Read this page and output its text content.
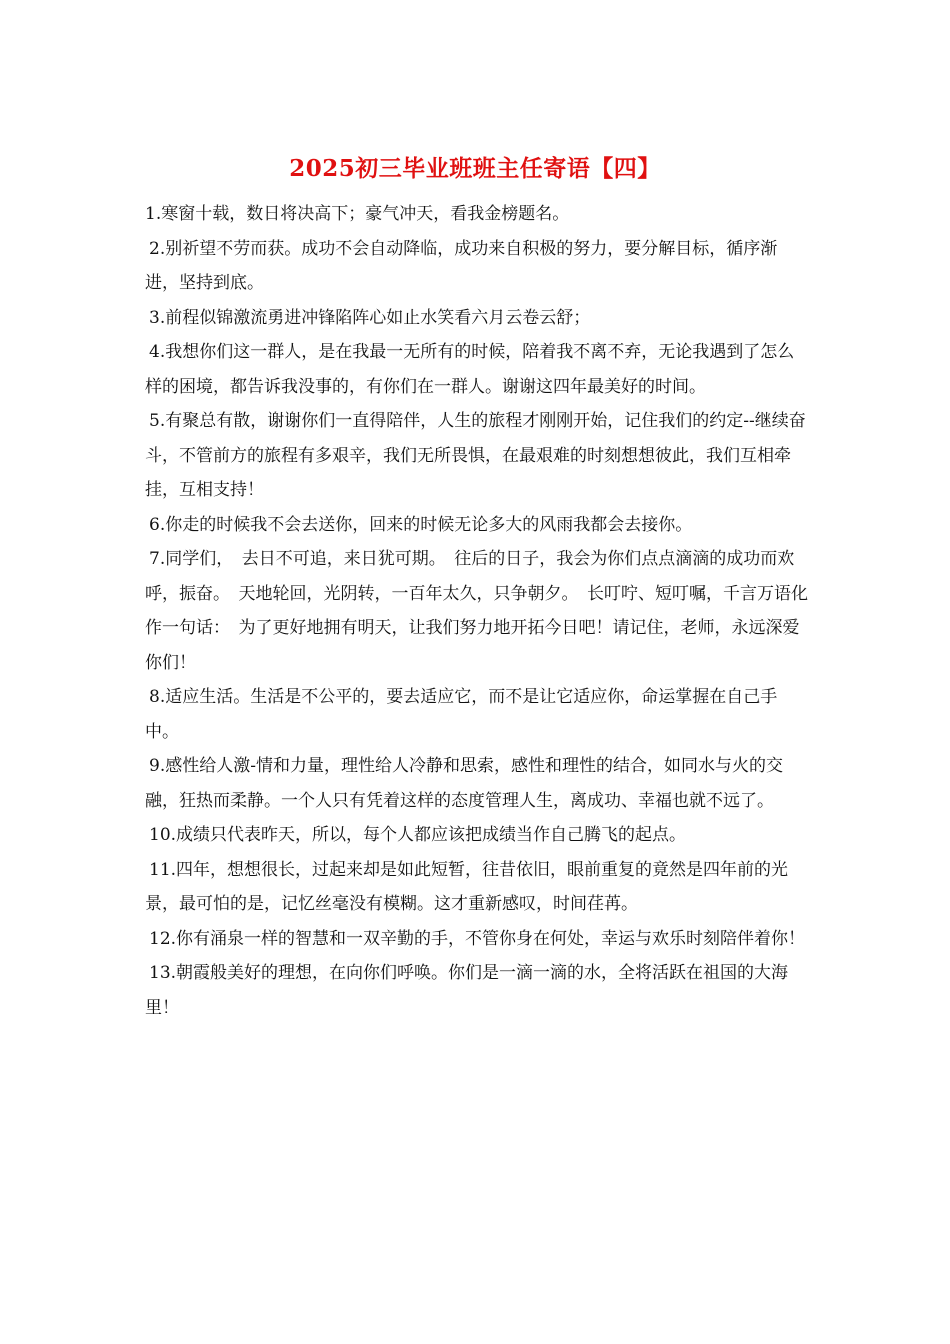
2025初三毕业班班主任寄语【四】

1.寒窗十载，数日将决高下；豪气冲天，看我金榜题名。

2.别祈望不劳而获。成功不会自动降临，成功来自积极的努力，要分解目标，循序渐进，坚持到底。

3.前程似锦激流勇进冲锋陷阵心如止水笑看六月云卷云舒；

4.我想你们这一群人，是在我最一无所有的时候，陪着我不离不弃，无论我遇到了怎么样的困境，都告诉我没事的，有你们在一群人。谢谢这四年最美好的时间。

5.有聚总有散，谢谢你们一直得陪伴，人生的旅程才刚刚开始，记住我们的约定--继续奋斗，不管前方的旅程有多艰辛，我们无所畏惧，在最艰难的时刻想想彼此，我们互相牵挂，互相支持！

6.你走的时候我不会去送你，回来的时候无论多大的风雨我都会去接你。

7.同学们，　去日不可追，来日犹可期。　往后的日子，我会为你们点点滴滴的成功而欢呼，振奋。　天地轮回，光阴转，一百年太久，只争朝夕。　长叮咛、短叮嘱，千言万语化作一句话：　为了更好地拥有明天，让我们努力地开拓今日吧！请记住，老师，永远深爱你们！

8.适应生活。生活是不公平的，要去适应它，而不是让它适应你，命运掌握在自己手中。

9.感性给人激-情和力量，理性给人冷静和思索，感性和理性的结合，如同水与火的交融，狂热而柔静。一个人只有凭着这样的态度管理人生，离成功、幸福也就不远了。

10.成绩只代表昨天，所以，每个人都应该把成绩当作自己腾飞的起点。

11.四年，想想很长，过起来却是如此短暂，往昔依旧，眼前重复的竟然是四年前的光景，最可怕的是，记忆丝毫没有模糊。这才重新感叹，时间荏苒。

12.你有涌泉一样的智慧和一双辛勤的手，不管你身在何处，幸运与欢乐时刻陪伴着你！

13.朝霞般美好的理想，在向你们呼唤。你们是一滴一滴的水，全将活跃在祖国的大海里！
